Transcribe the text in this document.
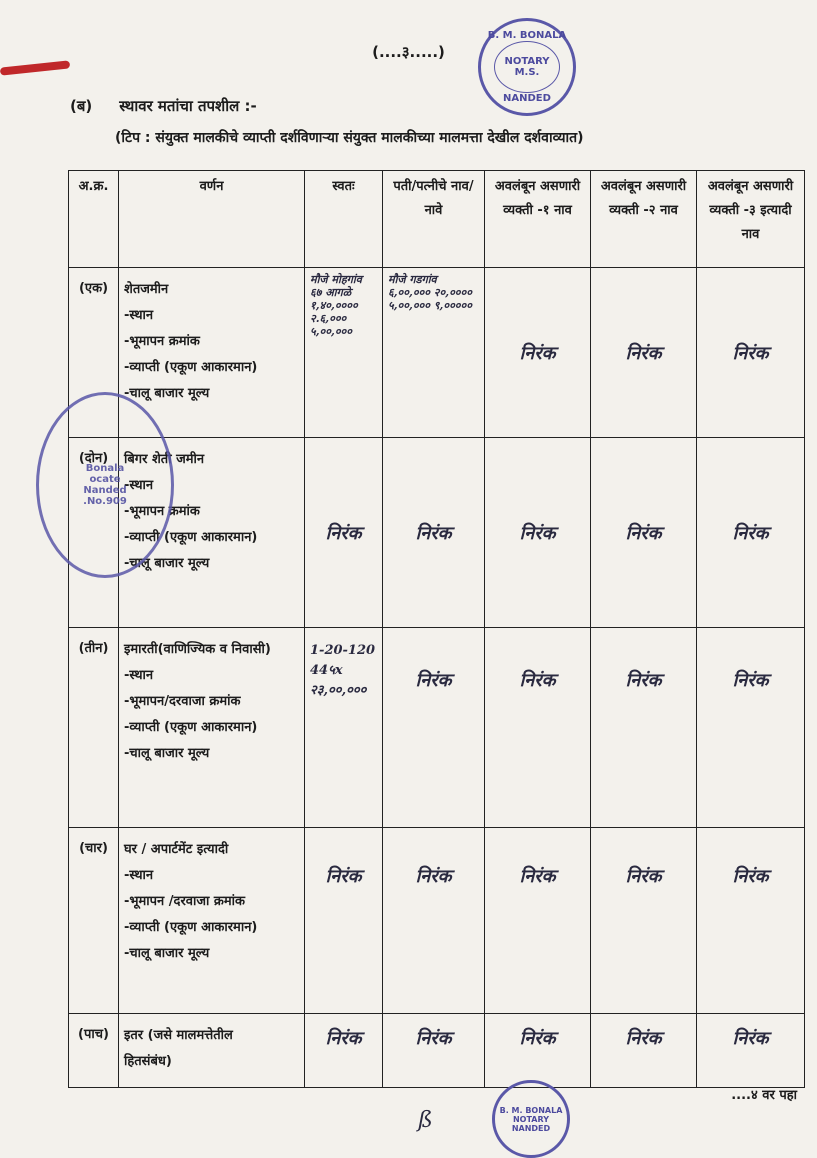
(....३.....)
(ब) स्थावर मतांचा तपशील :-
(टिप : संयुक्त मालकीचे व्याप्ती दर्शविणाऱ्या संयुक्त मालकीच्या मालमत्ता देखील दर्शवाव्यात)
B. M. BONALA
NOTARY
M.S.
NANDED
अ.क्र.	वर्णन	स्वतः	पती/पत्नीचे नाव/नावे	अवलंबून असणारी व्यक्ती -१ नाव	अवलंबून असणारी व्यक्ती -२ नाव	अवलंबून असणारी व्यक्ती -३ इत्यादी नाव
(एक)	शेतजमीन
-स्थान
-भूमापन क्रमांक
-व्याप्ती (एकूण आकारमान)
-चालू बाजार मूल्य	मौजे मोहगांव ६७ आगळे १,४०,०००० २.६,००० ५,००,०००	मौजे गडगांव ६,००,००० २०,०००० ५,००,००० ९,०००००	निरंक	निरंक	निरंक

(दोन)	बिगर शेती जमीन
-स्थान
-भूमापन क्रमांक
-व्याप्ती (एकूण आकारमान)
-चालू बाजार मूल्य	निरंक	निरंक	निरंक	निरंक	निरंक

(तीन)	इमारती(वाणिज्यिक व निवासी)
-स्थान
-भूमापन/दरवाजा क्रमांक
-व्याप्ती (एकूण आकारमान)
-चालू बाजार मूल्य	1-20-120 44५x २३,००,०००	निरंक	निरंक	निरंक	निरंक

(चार)	घर / अपार्टमेंट इत्यादी
-स्थान
-भूमापन /दरवाजा क्रमांक
-व्याप्ती (एकूण आकारमान)
-चालू बाजार मूल्य	निरंक	निरंक	निरंक	निरंक	निरंक

(पाच)	इतर (जसे मालमत्तेतील
हितसंबंध)	निरंक	निरंक	निरंक	निरंक	निरंक
Bonala
ocate
Nanded
.No.909
....४ वर पहा
ß	B. M. BONALA
NOTARY
NANDED
